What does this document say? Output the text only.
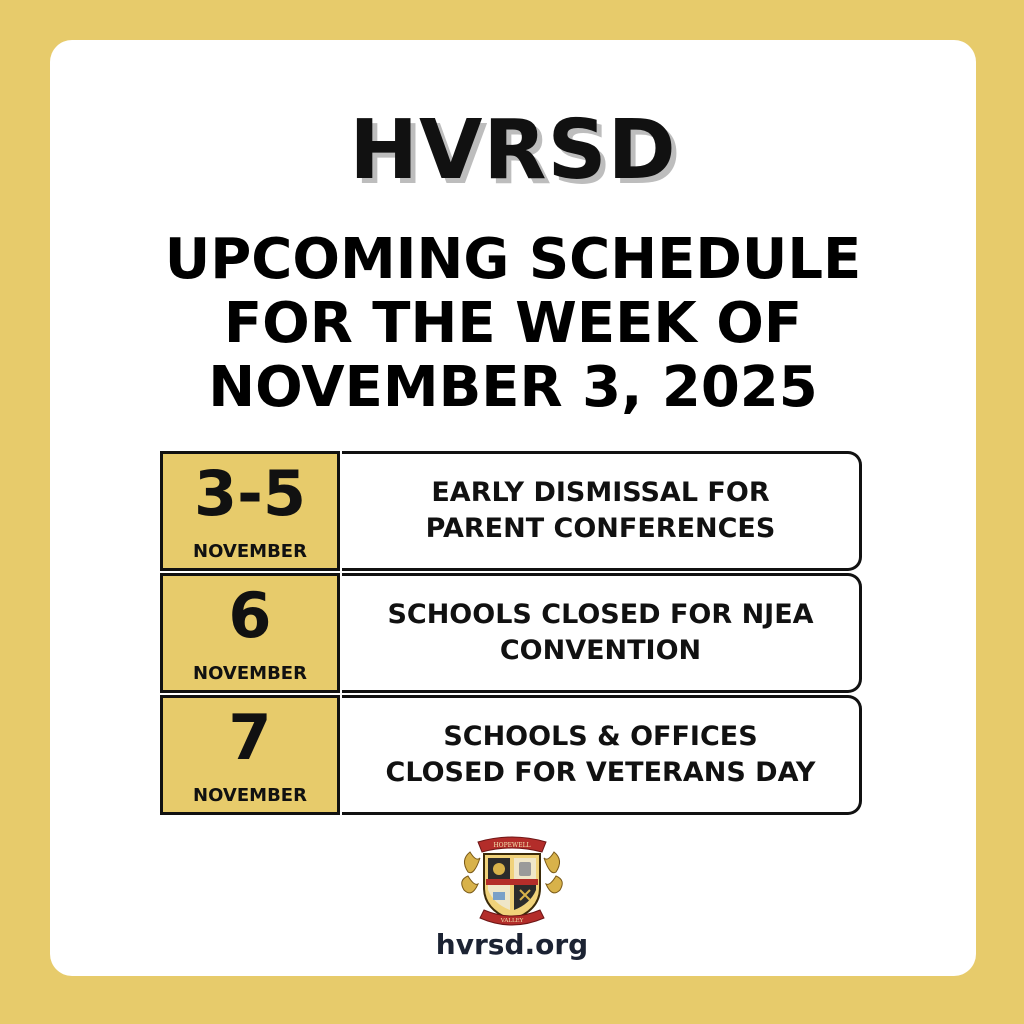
HVRSD
UPCOMING SCHEDULE
FOR THE WEEK OF
NOVEMBER 3, 2025
3-5
NOVEMBER
EARLY DISMISSAL FOR
PARENT CONFERENCES
6
NOVEMBER
SCHOOLS CLOSED FOR NJEA
CONVENTION
7
NOVEMBER
SCHOOLS & OFFICES
CLOSED FOR VETERANS DAY
HOPEWELL
VALLEY
hvrsd.org
